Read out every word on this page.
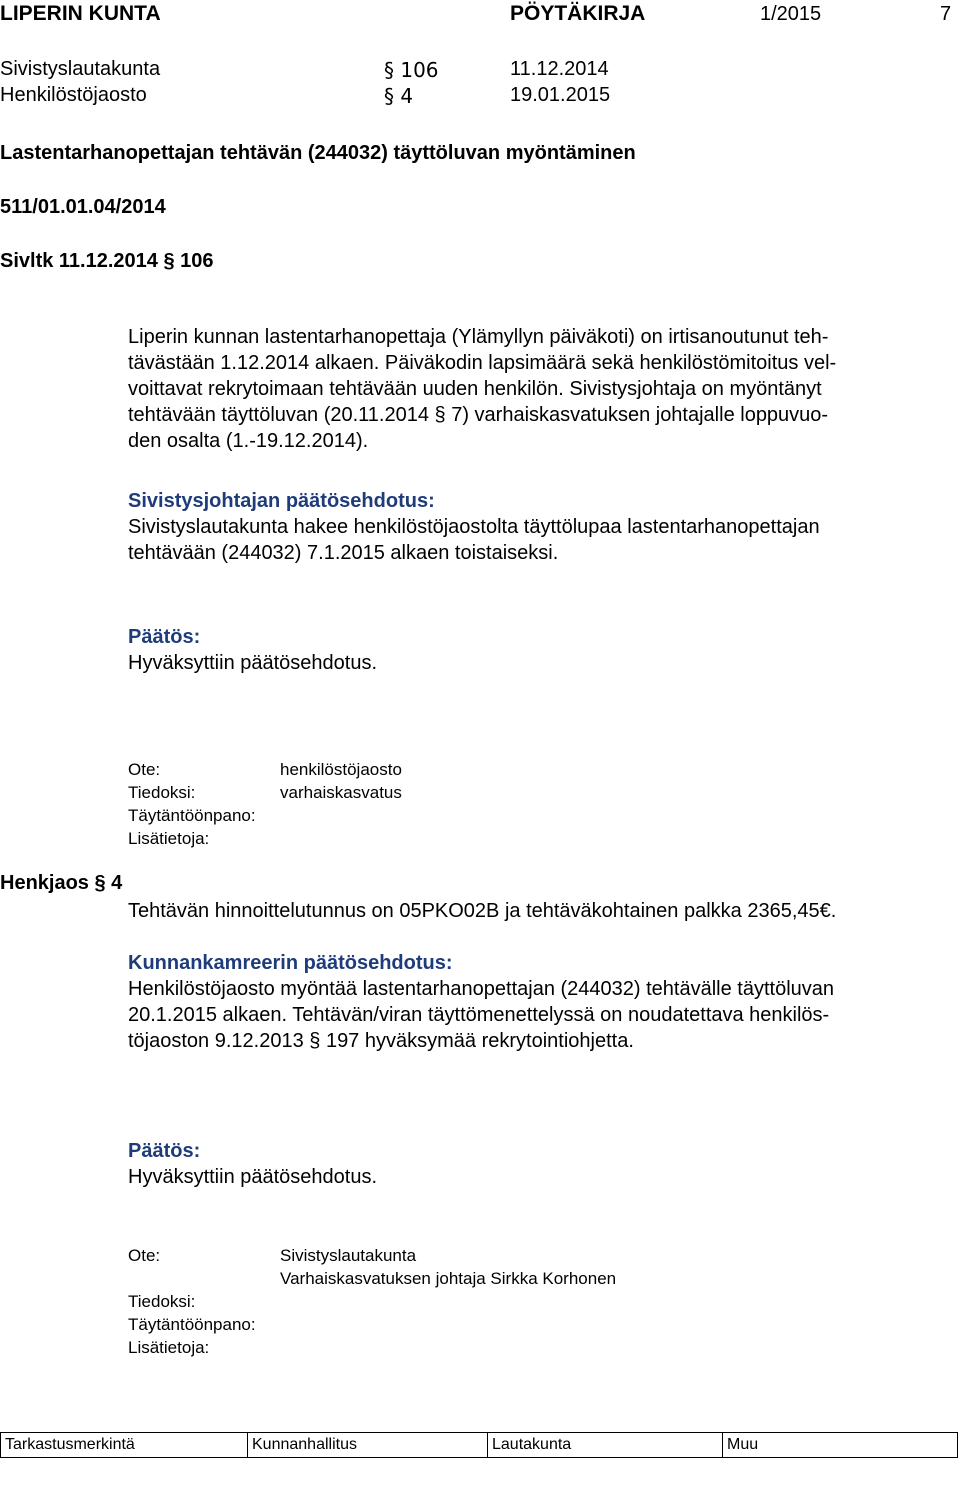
LIPERIN KUNTA	PÖYTÄKIRJA	1/2015	7
Sivistyslautakunta	§ 106	11.12.2014
Henkilöstöjaosto	§ 4	19.01.2015
Lastentarhanopettajan tehtävän (244032) täyttöluvan myöntäminen
511/01.01.04/2014
Sivltk 11.12.2014 § 106
Liperin kunnan lastentarhanopettaja (Ylämyllyn päiväkoti) on irtisanoutunut teh-
tävästään 1.12.2014 alkaen. Päiväkodin lapsimäärä sekä henkilöstömitoitus vel-
voittavat rekrytoimaan tehtävään uuden henkilön. Sivistysjohtaja on myöntänyt
tehtävään täyttöluvan (20.11.2014 § 7) varhaiskasvatuksen johtajalle loppuvuo-
den osalta (1.-19.12.2014).
Sivistysjohtajan päätösehdotus:
Sivistyslautakunta hakee henkilöstöjaostolta täyttölupaa lastentarhanopettajan
tehtävään (244032) 7.1.2015 alkaen toistaiseksi.
Päätös:
Hyväksyttiin päätösehdotus.
Ote:	henkilöstöjaosto
Tiedoksi:	varhaiskasvatus
Täytäntöönpano:
Lisätietoja:
Henkjaos § 4
Tehtävän hinnoittelutunnus on 05PKO02B ja tehtäväkohtainen palkka 2365,45€.
Kunnankamreerin päätösehdotus:
Henkilöstöjaosto myöntää lastentarhanopettajan (244032) tehtävälle täyttöluvan
20.1.2015 alkaen. Tehtävän/viran täyttömenettelyssä on noudatettava henkilös-
töjaoston 9.12.2013 § 197 hyväksymää rekrytointiohjetta.
Päätös:
Hyväksyttiin päätösehdotus.
Ote:	Sivistyslautakunta
Varhaiskasvatuksen johtaja Sirkka Korhonen
Tiedoksi:
Täytäntöönpano:
Lisätietoja:
Tarkastusmerkintä	Kunnanhallitus	Lautakunta	Muu
